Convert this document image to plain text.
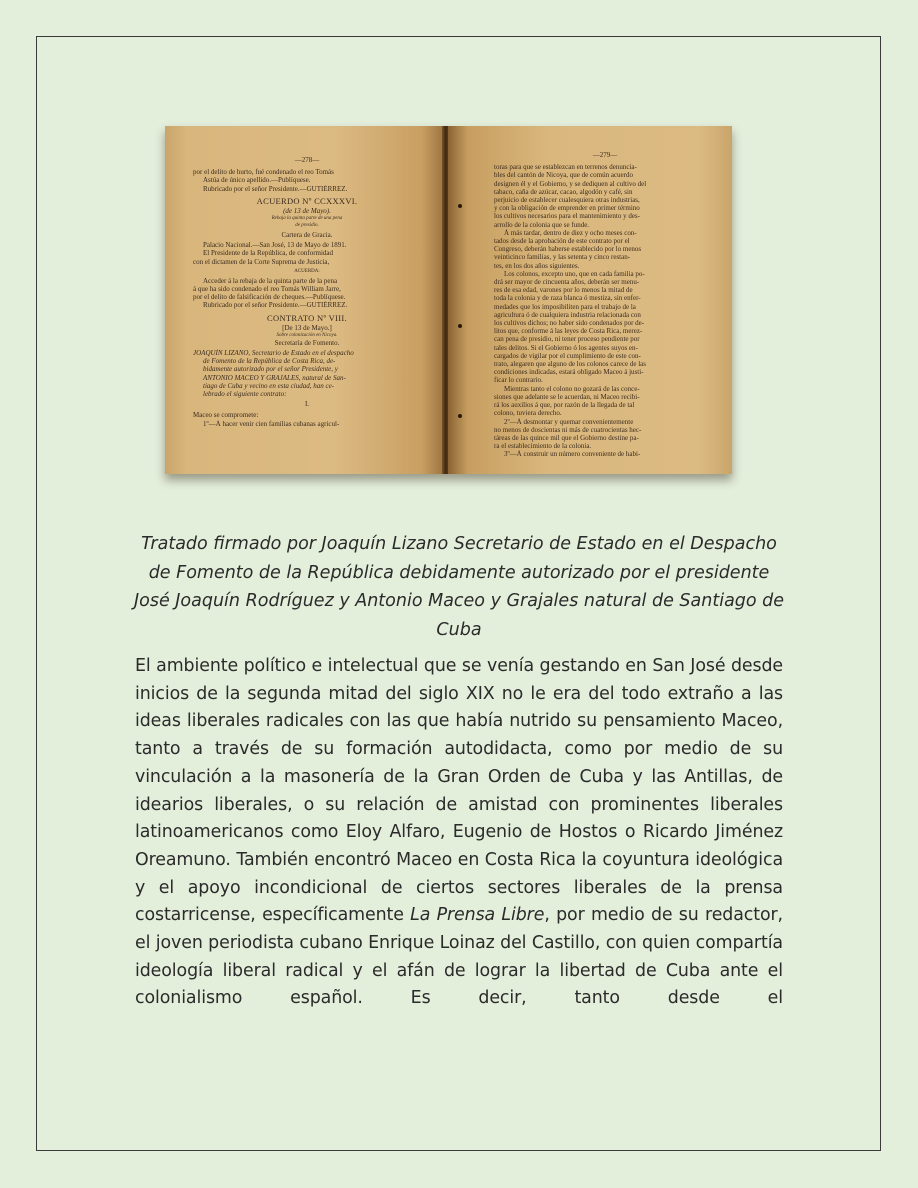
—278—
por el delito de hurto, fué condenado el reo Tomás
Astúa de único apellido.—Publíquese.
Rubricado por el señor Presidente.—GUTIÉRREZ.
ACUERDO Nº CCXXXVI.
(de 13 de Mayo).
Rebaja la quinta parte de una pena
de presidio.
Cartera de Gracia.
Palacio Nacional.—San José, 13 de Mayo de 1891.
El Presidente de la República, de conformidad
con el dictamen de la Corte Suprema de Justicia,
ACUERDA:
Acceder á la rebaja de la quinta parte de la pena
á que ha sido condenado el reo Tomás William Jarre,
por el delito de falsificación de cheques.—Publíquese.
Rubricado por el señor Presidente.—GUTIÉRREZ.
CONTRATO Nº VIII.
[De 13 de Mayo.]
Sobre colonización en Nicoya.
Secretaría de Fomento.
JOAQUÍN LIZANO, Secretario de Estado en el despacho
de Fomento de la República de Costa Rica, de-
bidamente autorizado por el señor Presidente, y
ANTONIO MACEO Y GRAJALES, natural de San-
tiago de Cuba y vecino en esta ciudad, han ce-
lebrado el siguiente contrato:
I.
Maceo se compromete:
1º—Á hacer venir cien familias cubanas agricul-
—279—
toras para que se establezcan en terrenos denuncia-
bles del cantón de Nicoya, que de común acuerdo
designen él y el Gobierno, y se dediquen al cultivo del
tabaco, caña de azúcar, cacao, algodón y café, sin
perjuicio de establecer cualesquiera otras industrias,
y con la obligación de emprender en primer término
los cultivos necesarios para el mantenimiento y des-
arrollo de la colonia que se funde.
Á más tardar, dentro de diez y ocho meses con-
tados desde la aprobación de este contrato por el
Congreso, deberán haberse establecido por lo menos
veinticinco familias, y las setenta y cinco restan-
tes, en los dos años siguientes.
Los colonos, excepto uno, que en cada familia po-
drá ser mayor de cincuenta años, deberán ser menu-
res de esa edad, varones por lo menos la mitad de
toda la colonia y de raza blanca ó mestiza, sin enfer-
medades que los imposibiliten para el trabajo de la
agricultura ó de cualquiera industria relacionada con
los cultivos dichos; no haber sido condenados por de-
litos que, conforme á las leyes de Costa Rica, merez-
can pena de presidio, ni tener proceso pendiente por
tales delitos. Si el Gobierno ó los agentes suyos en-
cargados de vigilar por el cumplimiento de este con-
trato, alegaren que alguno de los colonos carece de las
condiciones indicadas, estará obligado Maceo á justi-
ficar lo contrario.
Mientras tanto el colono no gozará de las conce-
siones que adelante se le acuerdan, ni Maceo recibi-
rá los auxilios á que, por razón de la llegada de tal
colono, tuviera derecho.
2º—Á desmontar y quemar convenientemente
no menos de doscientas ni más de cuatrocientas hec-
táreas de las quince mil que el Gobierno destine pa-
ra el establecimiento de la colonia.
3º—Á construir un número conveniente de habi-
Tratado firmado por Joaquín Lizano Secretario de Estado en el Despacho de Fomento de la República debidamente autorizado por el presidente José Joaquín Rodríguez y Antonio Maceo y Grajales natural de Santiago de Cuba
El ambiente político e intelectual que se venía gestando en San José desde inicios de la segunda mitad del siglo XIX no le era del todo extraño a las ideas liberales radicales con las que había nutrido su pensamiento Maceo, tanto a través de su formación autodidacta, como por medio de su vinculación a la masonería de la Gran Orden de Cuba y las Antillas, de idearios liberales, o su relación de amistad con prominentes liberales latinoamericanos como Eloy Alfaro, Eugenio de Hostos o Ricardo Jiménez Oreamuno. También encontró Maceo en Costa Rica la coyuntura ideológica y el apoyo incondicional de ciertos sectores liberales de la prensa costarricense, específicamente La Prensa Libre, por medio de su redactor, el joven periodista cubano Enrique Loinaz del Castillo, con quien compartía ideología liberal radical y el afán de lograr la libertad de Cuba ante el colonialismo español. Es decir, tanto desde el
